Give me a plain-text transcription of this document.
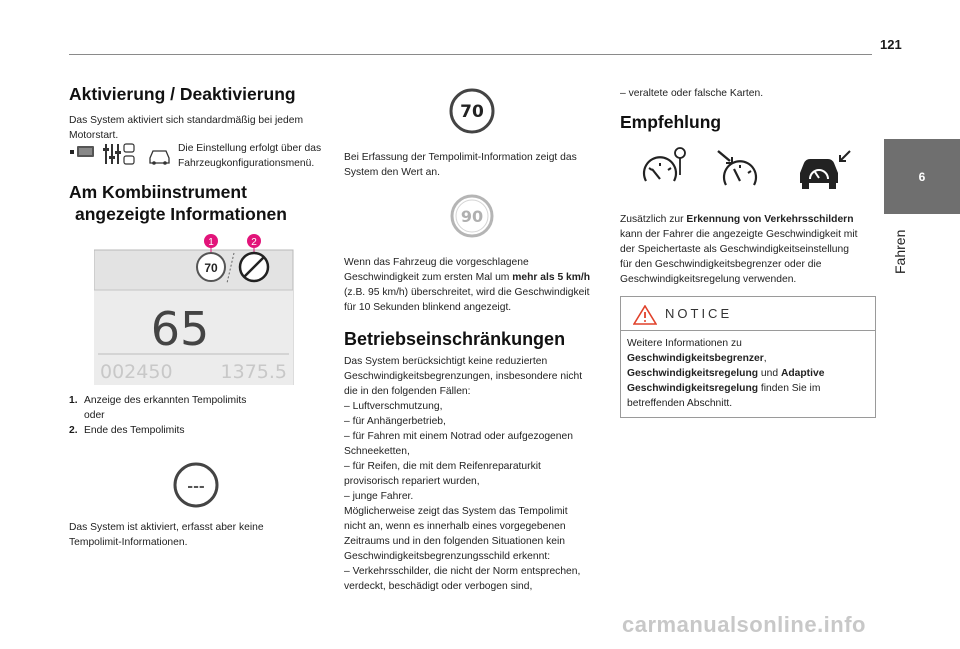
121
6
Fahren
Aktivierung / Deaktivierung

Das System aktiviert sich standardmäßig bei jedem Motorstart.

Die Einstellung erfolgt über das Fahrzeugkonfigurationsmenü.

Am Kombiinstrument
angezeigte Informationen
1	2
70
65
002450	1375.5
1. Anzeige des erkannten Tempolimits
oder
2. Ende des Tempolimits
---

Das System ist aktiviert, erfasst aber keine
Tempolimit-Informationen.

70

Bei Erfassung der Tempolimit-Information zeigt das
System den Wert an.

90

Wenn das Fahrzeug die vorgeschlagene
Geschwindigkeit zum ersten Mal um mehr als 5 km/h
(z.B. 95 km/h) überschreitet, wird die Geschwindigkeit
für 10 Sekunden blinkend angezeigt.

Betriebseinschränkungen
Das System berücksichtigt keine reduzierten
Geschwindigkeitsbegrenzungen, insbesondere nicht
die in den folgenden Fällen:
– Luftverschmutzung,
– für Anhängerbetrieb,
– für Fahren mit einem Notrad oder aufgezogenen
Schneeketten,
– für Reifen, die mit dem Reifenreparaturkit
provisorisch repariert wurden,
– junge Fahrer.
Möglicherweise zeigt das System das Tempolimit
nicht an, wenn es innerhalb eines vorgegebenen
Zeitraums und in den folgenden Situationen kein
Geschwindigkeitsbegrenzungsschild erkennt:
– Verkehrsschilder, die nicht der Norm entsprechen,
verdeckt, beschädigt oder verbogen sind,

– veraltete oder falsche Karten.

Empfehlung

Zusätzlich zur Erkennung von Verkehrsschildern
kann der Fahrer die angezeigte Geschwindigkeit mit
der Speichertaste als Geschwindigkeitseinstellung
für den Geschwindigkeitsbegrenzer oder die
Geschwindigkeitsregelung verwenden.

NOTICE

Weitere Informationen zu
Geschwindigkeitsbegrenzer,
Geschwindigkeitsregelung und Adaptive
Geschwindigkeitsregelung finden Sie im
betreffenden Abschnitt.

carmanualsonline.info
